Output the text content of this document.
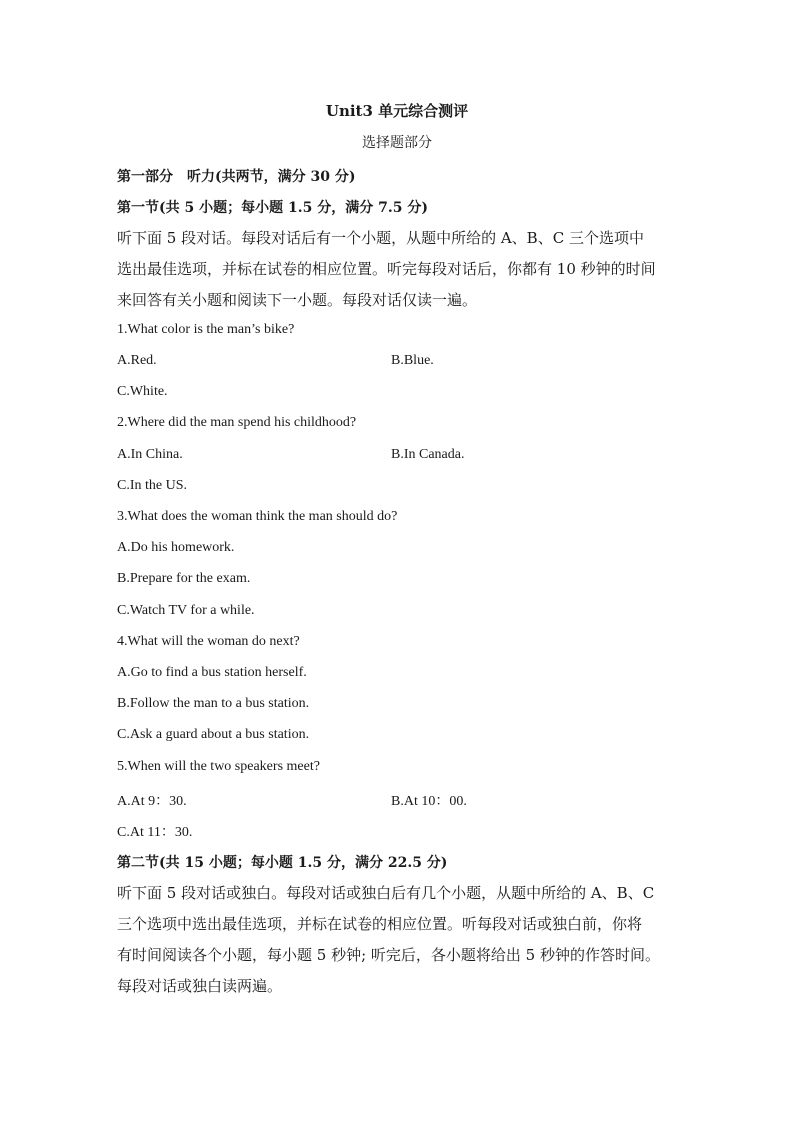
Unit3 单元综合测评
选择题部分
第一部分　听力(共两节，满分 30 分)
第一节(共 5 小题；每小题 1.5 分，满分 7.5 分)
听下面 5 段对话。每段对话后有一个小题，从题中所给的 A、B、C 三个选项中
选出最佳选项，并标在试卷的相应位置。听完每段对话后，你都有 10 秒钟的时间
来回答有关小题和阅读下一小题。每段对话仅读一遍。
1.What color is the man’s bike?
A.Red.	B.Blue.
C.White.
2.Where did the man spend his childhood?
A.In China.	B.In Canada.
C.In the US.
3.What does the woman think the man should do?
A.Do his homework.
B.Prepare for the exam.
C.Watch TV for a while.
4.What will the woman do next?
A.Go to find a bus station herself.
B.Follow the man to a bus station.
C.Ask a guard about a bus station.
5.When will the two speakers meet?
A.At 9：30.	B.At 10：00.
C.At 11：30.
第二节(共 15 小题；每小题 1.5 分，满分 22.5 分)
听下面 5 段对话或独白。每段对话或独白后有几个小题，从题中所给的 A、B、C
三个选项中选出最佳选项，并标在试卷的相应位置。听每段对话或独白前，你将
有时间阅读各个小题，每小题 5 秒钟; 听完后，各小题将给出 5 秒钟的作答时间。
每段对话或独白读两遍。
